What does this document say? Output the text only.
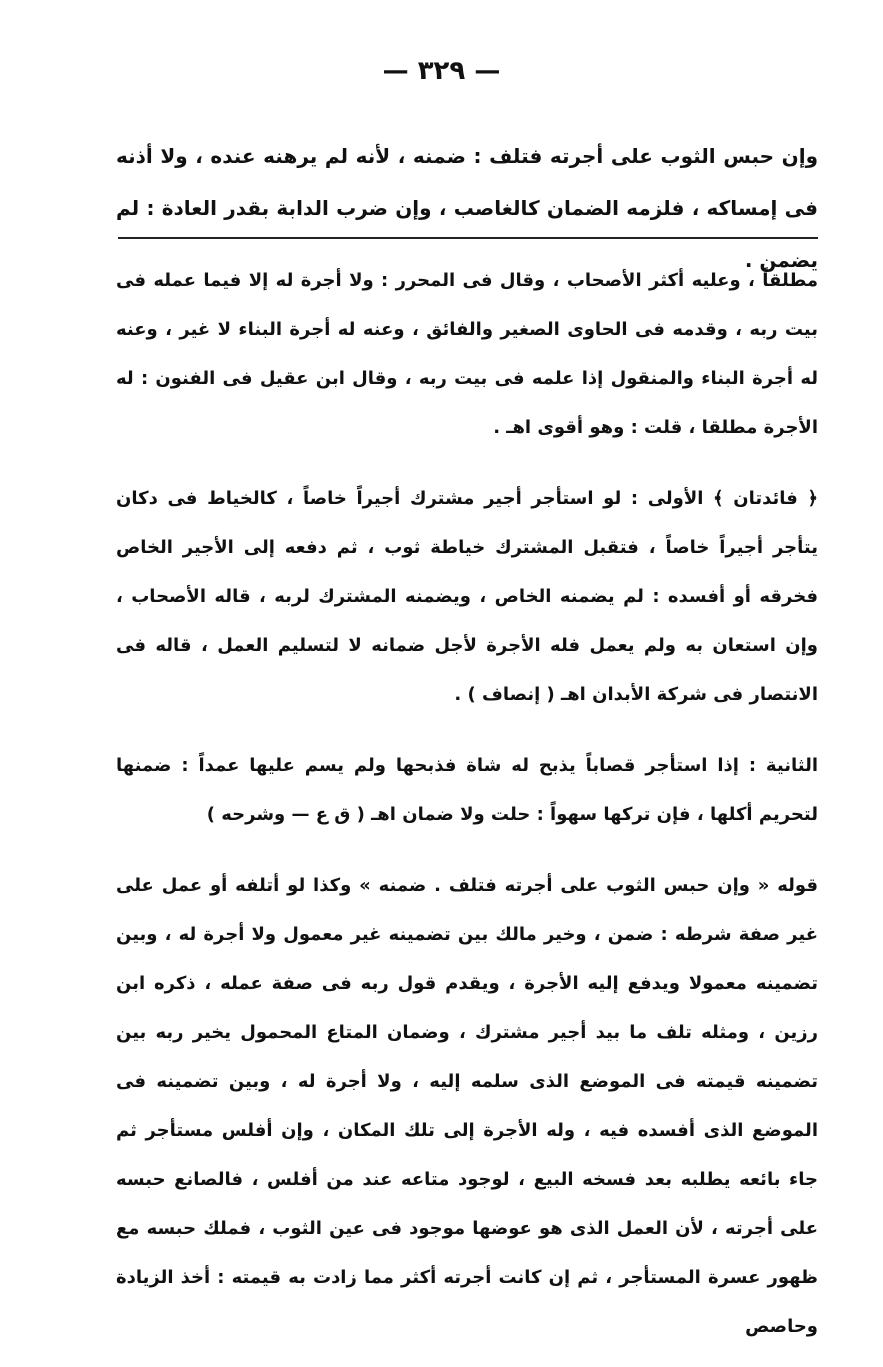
— ٣٢٩ —

وإن حبس الثوب على أجرته فتلف : ضمنه ، لأنه لم يرهنه عنده ، ولا أذنه فى إمساكه ، فلزمه الضمان كالغاصب ، وإن ضرب الدابة بقدر العادة : لم يضمن .

مطلقاً ، وعليه أكثر الأصحاب ، وقال فى المحرر : ولا أجرة له إلا فيما عمله فى بيت ربه ، وقدمه فى الحاوى الصغير والفائق ، وعنه له أجرة البناء لا غير ، وعنه له أجرة البناء والمنقول إذا علمه فى بيت ربه ، وقال ابن عقيل فى الفنون : له الأجرة مطلقا ، قلت : وهو أقوى اهـ .

﴿ فائدتان ﴾ الأولى : لو استأجر أجير مشترك أجيراً خاصاً ، كالخياط فى دكان يتأجر أجيراً خاصاً ، فتقبل المشترك خياطة ثوب ، ثم دفعه إلى الأجير الخاص فخرقه أو أفسده : لم يضمنه الخاص ، ويضمنه المشترك لربه ، قاله الأصحاب ، وإن استعان به ولم يعمل فله الأجرة لأجل ضمانه لا لتسليم العمل ، قاله فى الانتصار فى شركة الأبدان اهـ ( إنصاف ) .

الثانية : إذا استأجر قصاباً يذبح له شاة فذبحها ولم يسم عليها عمداً : ضمنها لتحريم أكلها ، فإن تركها سهواً : حلت ولا ضمان اهـ ( ق ع — وشرحه )

قوله « وإن حبس الثوب على أجرته فتلف . ضمنه » وكذا لو أتلفه أو عمل على غير صفة شرطه : ضمن ، وخير مالك بين تضمينه غير معمول ولا أجرة له ، وبين تضمينه معمولا ويدفع إليه الأجرة ، ويقدم قول ربه فى صفة عمله ، ذكره ابن رزين ، ومثله تلف ما بيد أجير مشترك ، وضمان المتاع المحمول يخير ربه بين تضمينه قيمته فى الموضع الذى سلمه إليه ، ولا أجرة له ، وبين تضمينه فى الموضع الذى أفسده فيه ، وله الأجرة إلى تلك المكان ، وإن أفلس مستأجر ثم جاء بائعه يطلبه بعد فسخه البيع ، لوجود متاعه عند من أفلس ، فالصانع حبسه على أجرته ، لأن العمل الذى هو عوضها موجود فى عين الثوب ، فملك حبسه مع ظهور عسرة المستأجر ، ثم إن كانت أجرته أكثر مما زادت به قيمته : أخذ الزيادة وحاصص
